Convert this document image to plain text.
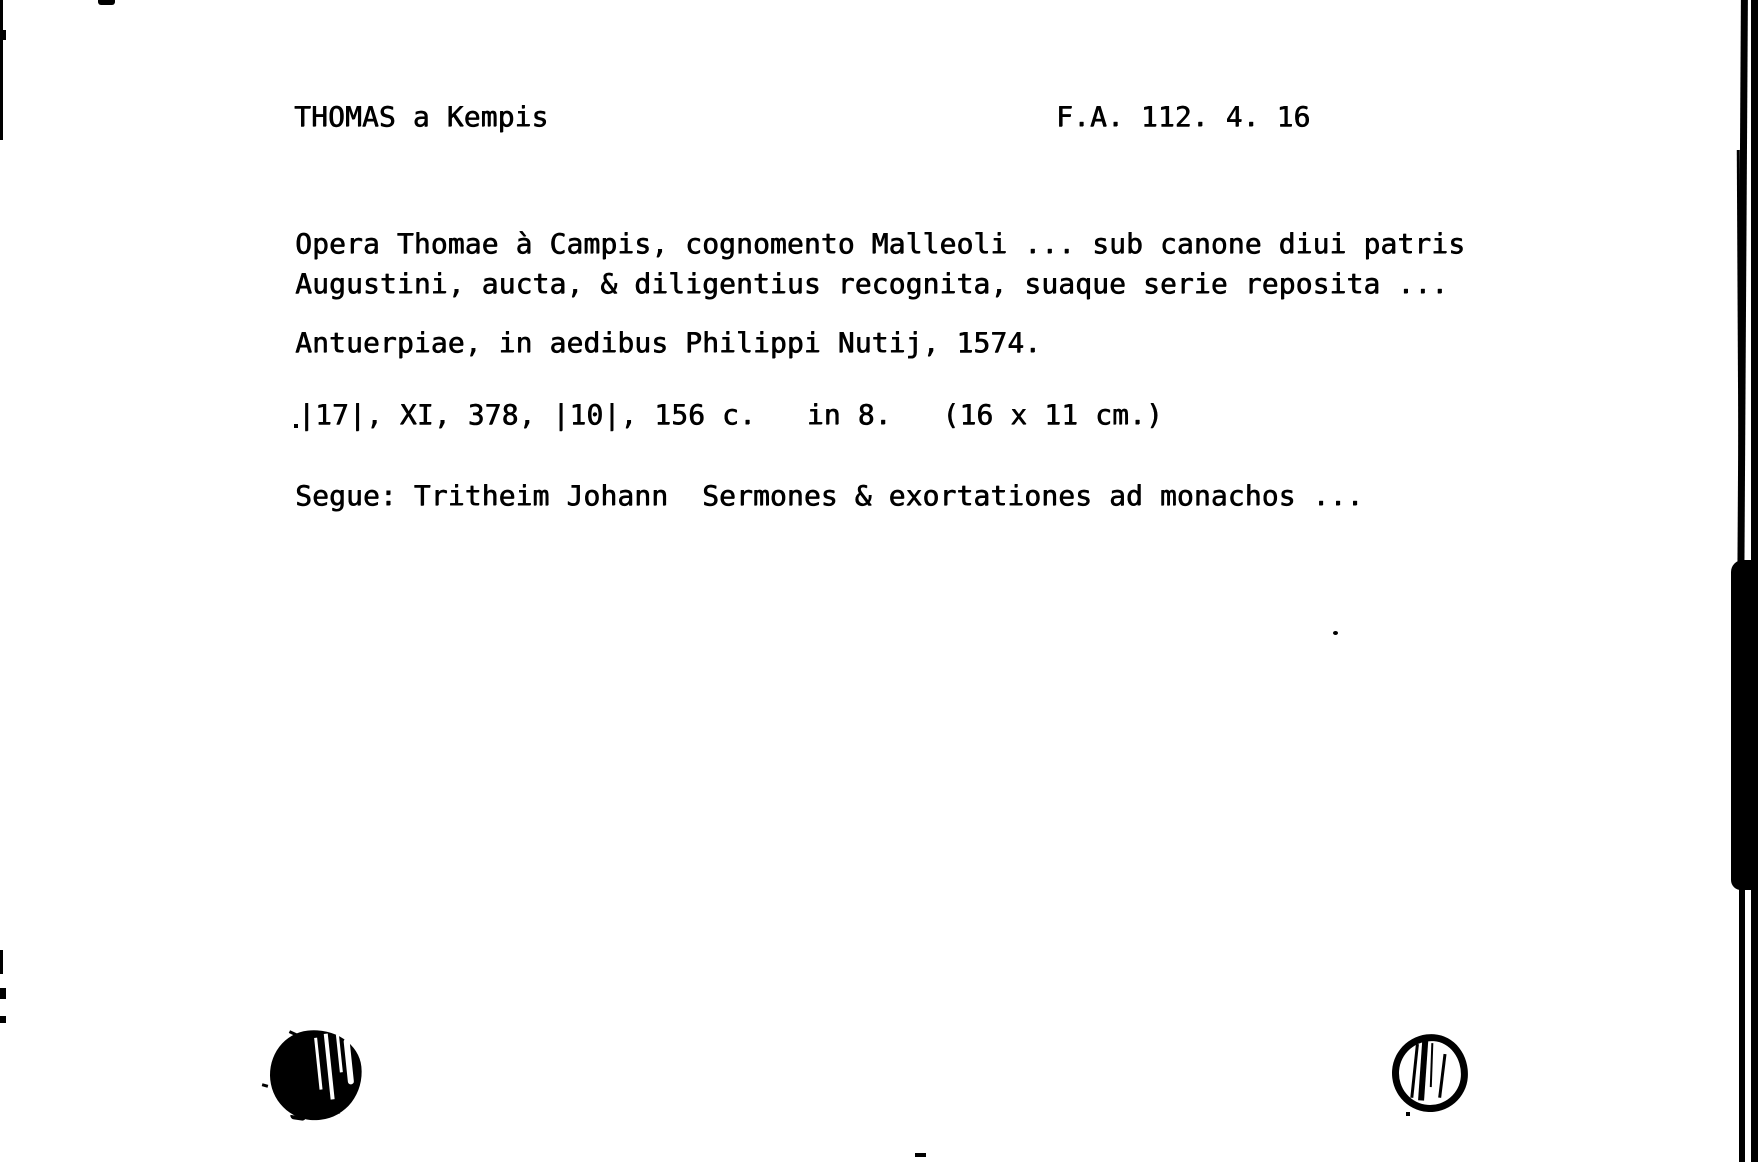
THOMAS a Kempis	F.A. 112. 4. 16
Opera Thomae à Campis, cognomento Malleoli ... sub canone diui patris
Augustini, aucta, & diligentius recognita, suaque serie reposita ...
Antuerpiae, in aedibus Philippi Nutij, 1574.
|17|, XI, 378, |10|, 156 c.   in 8.   (16 x 11 cm.)
Segue: Tritheim Johann  Sermones & exortationes ad monachos ...
